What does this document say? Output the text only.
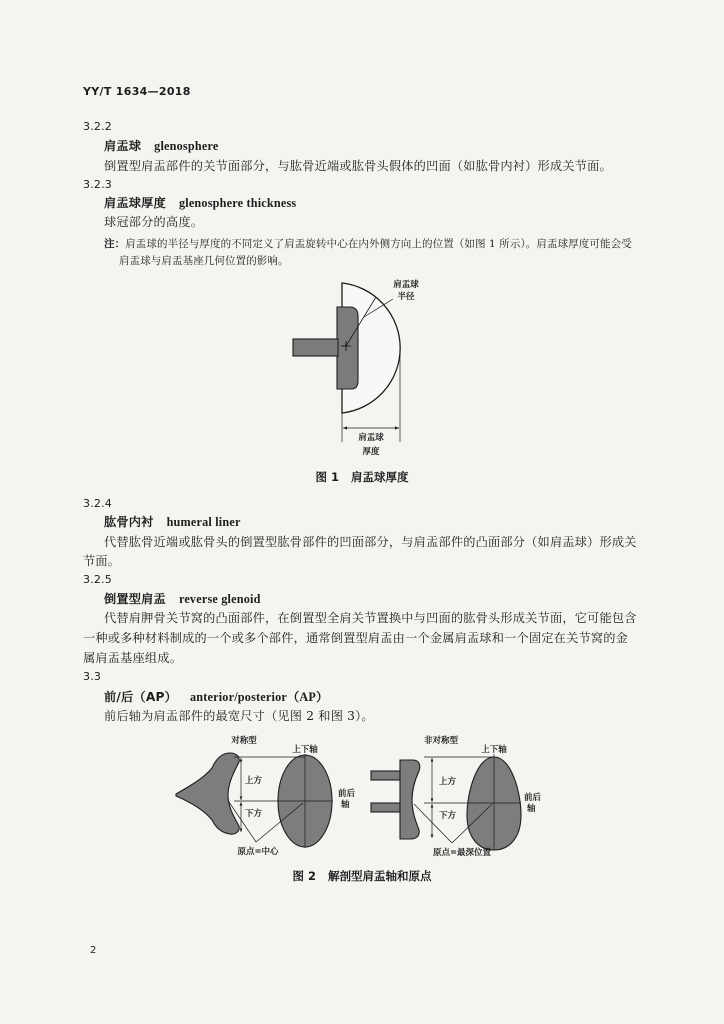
YY/T 1634—2018
3.2.2
肩盂球 glenosphere
倒置型肩盂部件的关节面部分，与肱骨近端或肱骨头假体的凹面（如肱骨内衬）形成关节面。
3.2.3
肩盂球厚度 glenosphere thickness
球冠部分的高度。
注：肩盂球的半径与厚度的不同定义了肩盂旋转中心在内外侧方向上的位置（如图 1 所示）。肩盂球厚度可能会受
肩盂球与肩盂基座几何位置的影响。
肩盂球
半径
肩盂球
厚度
图 1 肩盂球厚度
3.2.4
肱骨内衬 humeral liner
代替肱骨近端或肱骨头的倒置型肱骨部件的凹面部分，与肩盂部件的凸面部分（如肩盂球）形成关
节面。
3.2.5
倒置型肩盂 reverse glenoid
代替肩胛骨关节窝的凸面部件，在倒置型全肩关节置换中与凹面的肱骨头形成关节面，它可能包含
一种或多种材料制成的一个或多个部件，通常倒置型肩盂由一个金属肩盂球和一个固定在关节窝的金
属肩盂基座组成。
3.3
前/后（AP） anterior/posterior（AP）
前后轴为肩盂部件的最宽尺寸（见图 2 和图 3）。
对称型
上下轴
上方
下方
前后
轴
原点=中心
非对称型
上下轴
上方
下方
前后
轴
原点=最深位置
图 2 解剖型肩盂轴和原点
2
